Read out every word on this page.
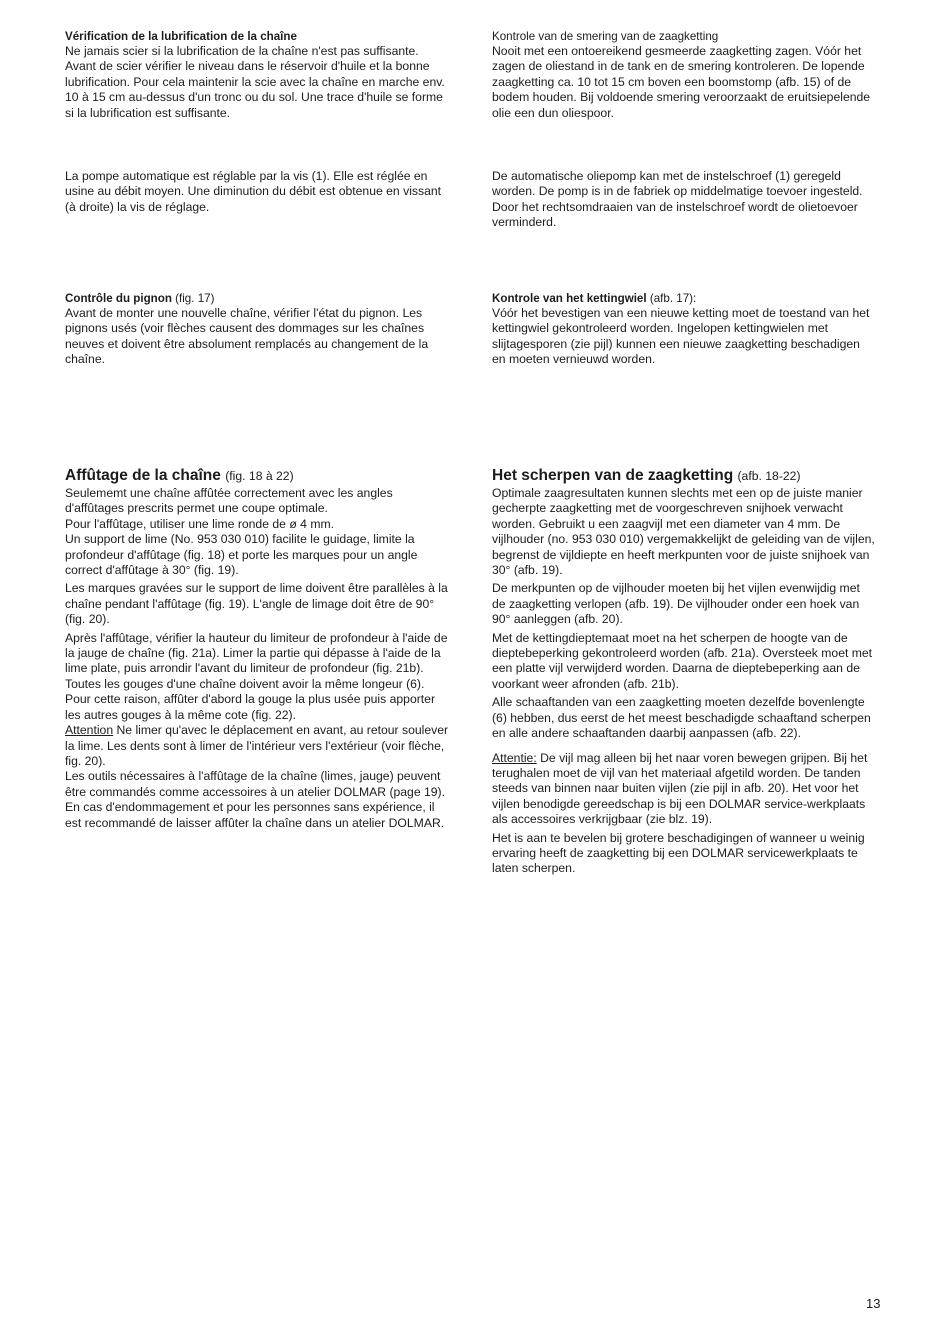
Vérification de la lubrification de la chaîne

Ne jamais scier si la lubrification de la chaîne n'est pas suffisante. Avant de scier vérifier le niveau dans le réservoir d'huile et la bonne lubrification. Pour cela maintenir la scie avec la chaîne en marche env. 10 à 15 cm au-dessus d'un tronc ou du sol. Une trace d'huile se forme si la lubrification est suffisante.

La pompe automatique est réglable par la vis (1). Elle est réglée en usine au débit moyen. Une diminution du débit est obtenue en vissant (à droite) la vis de réglage.

Contrôle du pignon (fig. 17)

Avant de monter une nouvelle chaîne, vérifier l'état du pignon. Les pignons usés (voir flèches causent des dommages sur les chaînes neuves et doivent être absolument remplacés au changement de la chaîne.

Affûtage de la chaîne (fig. 18 à 22)

Seulememt une chaîne affûtée correctement avec les angles d'affûtages prescrits permet une coupe optimale.

Pour l'affûtage, utiliser une lime ronde de ø 4 mm.

Un support de lime (No. 953 030 010) facilite le guidage, limite la profondeur d'affûtage (fig. 18) et porte les marques pour un angle correct d'affûtage à 30° (fig. 19).

Les marques gravées sur le support de lime doivent être parallèles à la chaîne pendant l'affûtage (fig. 19). L'angle de limage doit être de 90° (fig. 20).

Après l'affûtage, vérifier la hauteur du limiteur de profondeur à l'aide de la jauge de chaîne (fig. 21a). Limer la partie qui dépasse à l'aide de la lime plate, puis arrondir l'avant du limiteur de profondeur (fig. 21b).

Toutes les gouges d'une chaîne doivent avoir la même longeur (6). Pour cette raison, affûter d'abord la gouge la plus usée puis apporter les autres gouges à la même cote (fig. 22).

Attention Ne limer qu'avec le déplacement en avant, au retour soulever la lime. Les dents sont à limer de l'intérieur vers l'extérieur (voir flèche, fig. 20).

Les outils nécessaires à l'affûtage de la chaîne (limes, jauge) peuvent être commandés comme accessoires à un atelier DOLMAR (page 19). En cas d'endommagement et pour les personnes sans expérience, il est recommandé de laisser affûter la chaîne dans un atelier DOLMAR.

Kontrole van de smering van de zaagketting

Nooit met een ontoereikend gesmeerde zaagketting zagen. Vóór het zagen de oliestand in de tank en de smering kontroleren. De lopende zaagketting ca. 10 tot 15 cm boven een boomstomp (afb. 15) of de bodem houden. Bij voldoende smering veroorzaakt de eruitsiepelende olie een dun oliespoor.

De automatische oliepomp kan met de instelschroef (1) geregeld worden. De pomp is in de fabriek op middelmatige toevoer ingesteld. Door het rechtsomdraaien van de instelschroef wordt de olietoevoer verminderd.

Kontrole van het kettingwiel (afb. 17):

Vóór het bevestigen van een nieuwe ketting moet de toestand van het kettingwiel gekontroleerd worden. Ingelopen kettingwielen met slijtagesporen (zie pijl) kunnen een nieuwe zaagketting beschadigen en moeten vernieuwd worden.

Het scherpen van de zaagketting (afb. 18-22)

Optimale zaagresultaten kunnen slechts met een op de juiste manier gecherpte zaagketting met de voorgeschreven snijhoek verwacht worden. Gebruikt u een zaagvijl met een diameter van 4 mm. De vijlhouder (no. 953 030 010) vergemakkelijkt de geleiding van de vijlen, begrenst de vijldiepte en heeft merkpunten voor de juiste snijhoek van 30° (afb. 19).

De merkpunten op de vijlhouder moeten bij het vijlen evenwijdig met de zaagketting verlopen (afb. 19). De vijlhouder onder een hoek van 90° aanleggen (afb. 20).

Met de kettingdieptemaat moet na het scherpen de hoogte van de dieptebeperking gekontroleerd worden (afb. 21a). Oversteek moet met een platte vijl verwijderd worden. Daarna de dieptebeperking aan de voorkant weer afronden (afb. 21b).

Alle schaaftanden van een zaagketting moeten dezelfde bovenlengte (6) hebben, dus eerst de het meest beschadigde schaaftand scherpen en alle andere schaaftanden daarbij aanpassen (afb. 22).

Attentie: De vijl mag alleen bij het naar voren bewegen grijpen. Bij het terughalen moet de vijl van het materiaal afgetild worden. De tanden steeds van binnen naar buiten vijlen (zie pijl in afb. 20). Het voor het vijlen benodigde gereedschap is bij een DOLMAR service-werkplaats als accessoires verkrijgbaar (zie blz. 19).

Het is aan te bevelen bij grotere beschadigingen of wanneer u weinig ervaring heeft de zaagketting bij een DOLMAR servicewerkplaats te laten scherpen.

13
